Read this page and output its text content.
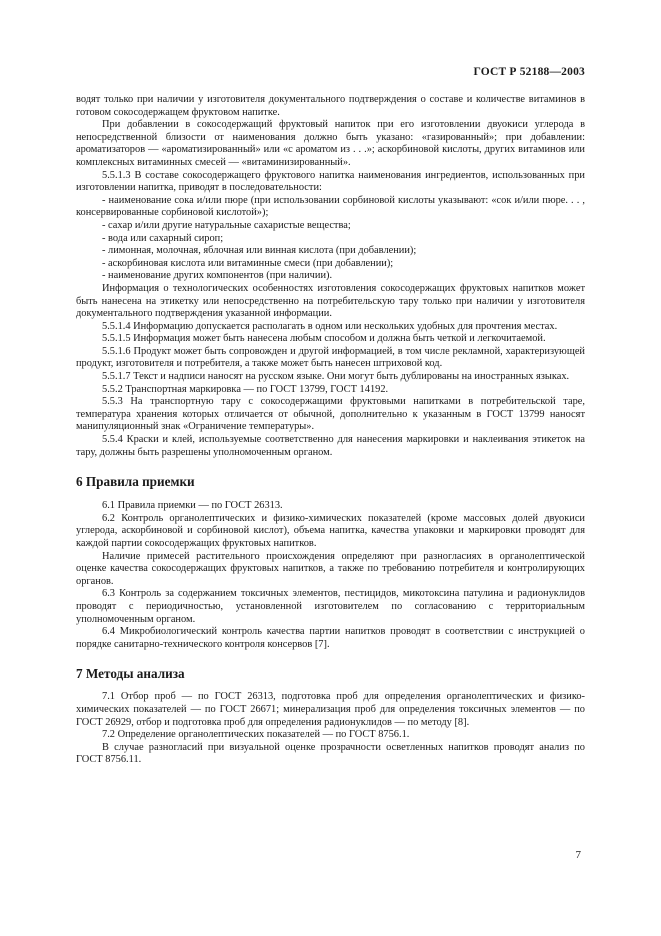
ГОСТ Р 52188—2003

водят только при наличии у изготовителя документального подтверждения о составе и количестве витаминов в готовом сокосодержащем фруктовом напитке.

При добавлении в сокосодержащий фруктовый напиток при его изготовлении двуокиси углерода в непосредственной близости от наименования должно быть указано: «газированный»; при добавлении: ароматизаторов — «ароматизированный» или «с ароматом из . . .»; аскорбиновой кислоты, других витаминов или комплексных витаминных смесей — «витаминизированный».

5.5.1.3 В составе сокосодержащего фруктового напитка наименования ингредиентов, использованных при изготовлении напитка, приводят в последовательности:

- наименование сока и/или пюре (при использовании сорбиновой кислоты указывают: «сок и/или пюре. . . , консервированные сорбиновой кислотой»);

- сахар и/или другие натуральные сахаристые вещества;

- вода или сахарный сироп;

- лимонная, молочная, яблочная или винная кислота (при добавлении);

- аскорбиновая кислота или витаминные смеси (при добавлении);

- наименование других компонентов (при наличии).

Информация о технологических особенностях изготовления сокосодержащих фруктовых напитков может быть нанесена на этикетку или непосредственно на потребительскую тару только при наличии у изготовителя документального подтверждения указанной информации.

5.5.1.4 Информацию допускается располагать в одном или нескольких удобных для прочтения местах.

5.5.1.5 Информация может быть нанесена любым способом и должна быть четкой и легкочитаемой.

5.5.1.6 Продукт может быть сопровожден и другой информацией, в том числе рекламной, характеризующей продукт, изготовителя и потребителя, а также может быть нанесен штриховой код.

5.5.1.7 Текст и надписи наносят на русском языке. Они могут быть дублированы на иностранных языках.

5.5.2 Транспортная маркировка — по ГОСТ 13799, ГОСТ 14192.

5.5.3 На транспортную тару с сокосодержащими фруктовыми напитками в потребительской таре, температура хранения которых отличается от обычной, дополнительно к указанным в ГОСТ 13799 наносят манипуляционный знак «Ограничение температуры».

5.5.4 Краски и клей, используемые соответственно для нанесения маркировки и наклеивания этикеток на тару, должны быть разрешены уполномоченным органом.

6 Правила приемки

6.1 Правила приемки — по ГОСТ 26313.

6.2 Контроль органолептических и физико-химических показателей (кроме массовых долей двуокиси углерода, аскорбиновой и сорбиновой кислот), объема напитка, качества упаковки и маркировки проводят для каждой партии сокосодержащих фруктовых напитков.

Наличие примесей растительного происхождения определяют при разногласиях в органолептической оценке качества сокосодержащих фруктовых напитков, а также по требованию потребителя и контролирующих органов.

6.3 Контроль за содержанием токсичных элементов, пестицидов, микотоксина патулина и радионуклидов проводят с периодичностью, установленной изготовителем по согласованию с территориальным уполномоченным органом.

6.4 Микробиологический контроль качества партии напитков проводят в соответствии с инструкцией о порядке санитарно-технического контроля консервов [7].

7 Методы анализа

7.1 Отбор проб — по ГОСТ 26313, подготовка проб для определения органолептических и физико-химических показателей — по ГОСТ 26671; минерализация проб для определения токсичных элементов — по ГОСТ 26929, отбор и подготовка проб для определения радионуклидов — по методу [8].

7.2 Определение органолептических показателей — по ГОСТ 8756.1.

В случае разногласий при визуальной оценке прозрачности осветленных напитков проводят анализ по ГОСТ 8756.11.

7
